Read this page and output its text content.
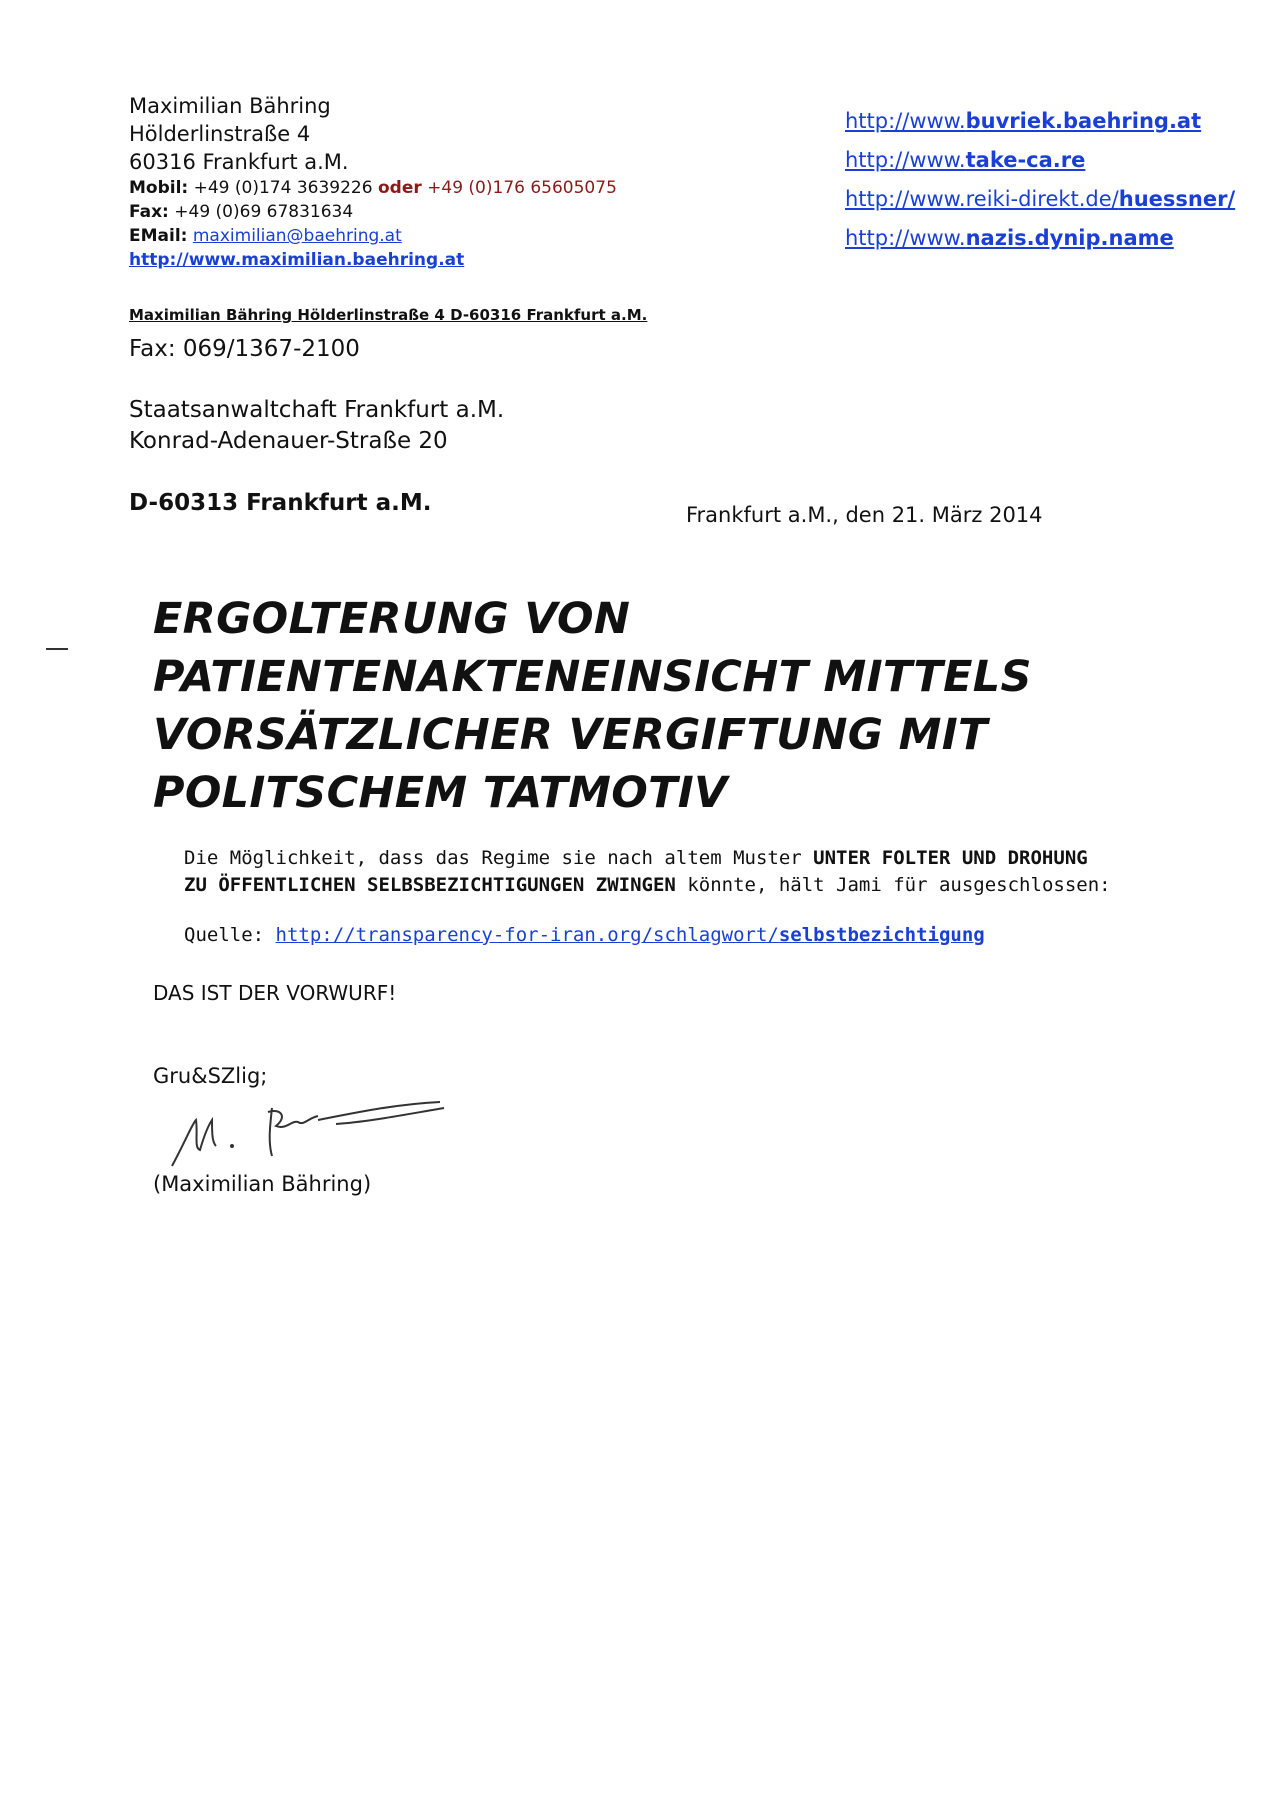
Maximilian Bähring
Hölderlinstraße 4
60316 Frankfurt a.M.
Mobil: +49 (0)174 3639226 oder +49 (0)176 65605075
Fax: +49 (0)69 67831634
EMail: maximilian@baehring.at
http://www.maximilian.baehring.at
http://www.buvriek.baehring.at
http://www.take-ca.re
http://www.reiki-direkt.de/huessner/
http://www.nazis.dynip.name
Maximilian Bähring Hölderlinstraße 4 D-60316 Frankfurt a.M.
Fax: 069/1367-2100
Staatsanwaltchaft Frankfurt a.M.
Konrad-Adenauer-Straße 20
D-60313 Frankfurt a.M.	Frankfurt a.M., den 21. März 2014
ERGOLTERUNG VON
PATIENTENAKTENEINSICHT MITTELS
VORSÄTZLICHER VERGIFTUNG MIT
POLITSCHEM TATMOTIV
Die Möglichkeit, dass das Regime sie nach altem Muster UNTER FOLTER UND DROHUNG
ZU ÖFFENTLICHEN SELBSBEZICHTIGUNGEN ZWINGEN könnte, hält Jami für ausgeschlossen:
Quelle: http://transparency-for-iran.org/schlagwort/selbstbezichtigung
DAS IST DER VORWURF!
Gru&SZlig;
(Maximilian Bähring)
